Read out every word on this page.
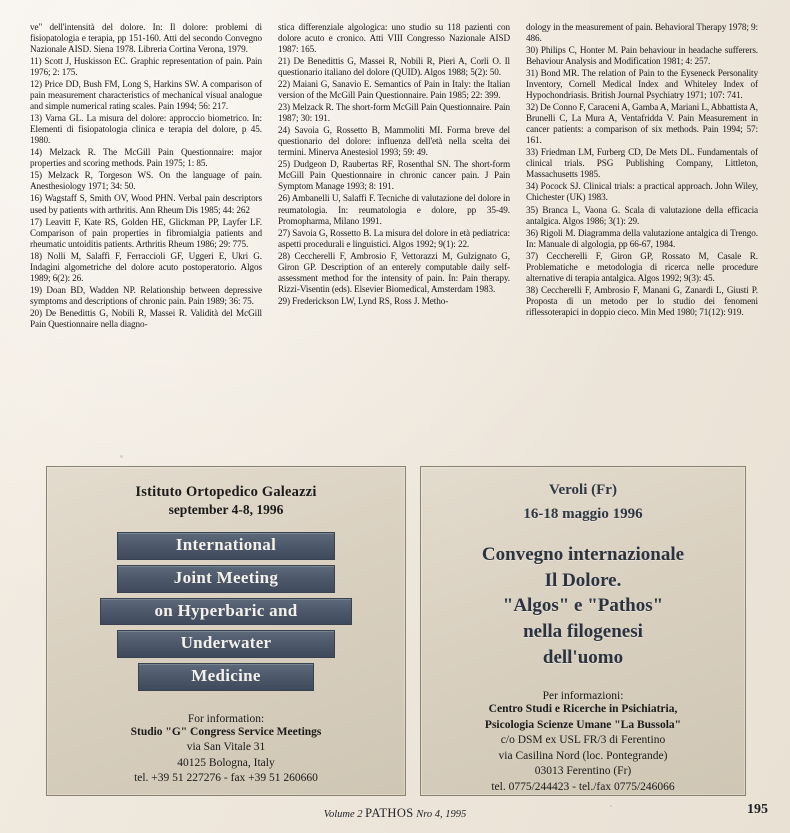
ve" dell'intensità del dolore. In: Il dolore: problemi di fisiopatologia e terapia, pp 151-160. Atti del secondo Convegno Nazionale AISD. Siena 1978. Libreria Cortina Verona, 1979.

11) Scott J, Huskisson EC. Graphic representation of pain. Pain 1976; 2: 175.

12) Price DD, Bush FM, Long S, Harkins SW. A comparison of pain measurement characteristics of mechanical visual analogue and simple numerical rating scales. Pain 1994; 56: 217.

13) Varna GL. La misura del dolore: approccio biometrico. In: Elementi di fisiopatologia clinica e terapia del dolore, p 45. 1980.

14) Melzack R. The McGill Pain Questionnaire: major properties and scoring methods. Pain 1975; 1: 85.

15) Melzack R, Torgeson WS. On the language of pain. Anesthesiology 1971; 34: 50.

16) Wagstaff S, Smith OV, Wood PHN. Verbal pain descriptors used by patients with arthritis. Ann Rheum Dis 1985; 44: 262

17) Leavitt F, Kate RS, Golden HE, Glickman PP, Layfer LF. Comparison of pain properties in fibromialgia patients and rheumatic untoiditis patients. Arthritis Rheum 1986; 29: 775.

18) Nolli M, Salaffi F, Ferraccioli GF, Uggeri E, Ukri G. Indagini algometriche del dolore acuto postoperatorio. Algos 1989; 6(2): 26.

19) Doan BD, Wadden NP. Relationship between depressive symptoms and descriptions of chronic pain. Pain 1989; 36: 75.

20) De Benedittis G, Nobili R, Massei R. Validità del McGill Pain Questionnaire nella diagno-

stica differenziale algologica: uno studio su 118 pazienti con dolore acuto e cronico. Atti VIII Congresso Nazionale AISD 1987: 165.

21) De Benedittis G, Massei R, Nobili R, Pieri A, Corli O. Il questionario italiano del dolore (QUID). Algos 1988; 5(2): 50.

22) Maiani G, Sanavio E. Semantics of Pain in Italy: the Italian version of the McGill Pain Questionnaire. Pain 1985; 22: 399.

23) Melzack R. The short-form McGill Pain Questionnaire. Pain 1987; 30: 191.

24) Savoia G, Rossetto B, Mammoliti MI. Forma breve del questionario del dolore: influenza dell'età nella scelta dei termini. Minerva Anestesiol 1993; 59: 49.

25) Dudgeon D, Raubertas RF, Rosenthal SN. The short-form McGill Pain Questionnaire in chronic cancer pain. J Pain Symptom Manage 1993; 8: 191.

26) Ambanelli U, Salaffi F. Tecniche di valutazione del dolore in reumatologia. In: reumatologia e dolore, pp 35-49. Promopharma, Milano 1991.

27) Savoia G, Rossetto B. La misura del dolore in età pediatrica: aspetti procedurali e linguistici. Algos 1992; 9(1): 22.

28) Ceccherelli F, Ambrosio F, Vettorazzi M, Gulzignato G, Giron GP. Description of an enterely computable daily self-assessment method for the intensity of pain. In: Pain therapy. Rizzi-Visentin (eds). Elsevier Biomedical, Amsterdam 1983.

29) Frederickson LW, Lynd RS, Ross J. Metho-

dology in the measurement of pain. Behavioral Therapy 1978; 9: 486.

30) Philips C, Honter M. Pain behaviour in headache sufferers. Behaviour Analysis and Modification 1981; 4: 257.

31) Bond MR. The relation of Pain to the Eyseneck Personality Inventory, Cornell Medical Index and Whiteley Index of Hypochondriasis. British Journal Psychiatry 1971; 107: 741.

32) De Conno F, Caraceni A, Gamba A, Mariani L, Abbattista A, Brunelli C, La Mura A, Ventafridda V. Pain Measurement in cancer patients: a comparison of six methods. Pain 1994; 57: 161.

33) Friedman LM, Furberg CD, De Mets DL. Fundamentals of clinical trials. PSG Publishing Company, Littleton, Massachusetts 1985.

34) Pocock SJ. Clinical trials: a practical approach. John Wiley, Chichester (UK) 1983.

35) Branca L, Vaona G. Scala di valutazione della efficacia antalgica. Algos 1986; 3(1): 29.

36) Rigoli M. Diagramma della valutazione antalgica di Trengo. In: Manuale di algologia, pp 66-67, 1984.

37) Ceccherelli F, Giron GP, Rossato M, Casale R. Problematiche e metodologia di ricerca nelle procedure alternative di terapia antalgica. Algos 1992; 9(3): 45.

38) Ceccherelli F, Ambrosio F, Manani G, Zanardi L, Giusti P. Proposta di un metodo per lo studio dei fenomeni riflessoterapici in doppio cieco. Min Med 1980; 71(12): 919.

Istituto Ortopedico Galeazzi
september 4-8, 1996
International
Joint Meeting
on Hyperbaric and
Underwater
Medicine
For information:
Studio "G" Congress Service Meetings
via San Vitale 31
40125 Bologna, Italy
tel. +39 51 227276 - fax +39 51 260660
Veroli (Fr)
16-18 maggio 1996
Convegno internazionale
Il Dolore.
"Algos" e "Pathos"
nella filogenesi
dell'uomo
Per informazioni:
Centro Studi e Ricerche in Psichiatria,
Psicologia Scienze Umane "La Bussola"
c/o DSM ex USL FR/3 di Ferentino
via Casilina Nord (loc. Pontegrande)
03013 Ferentino (Fr)
tel. 0775/244423 - tel./fax 0775/246066
Volume 2 PATHOS Nro 4, 1995	195
